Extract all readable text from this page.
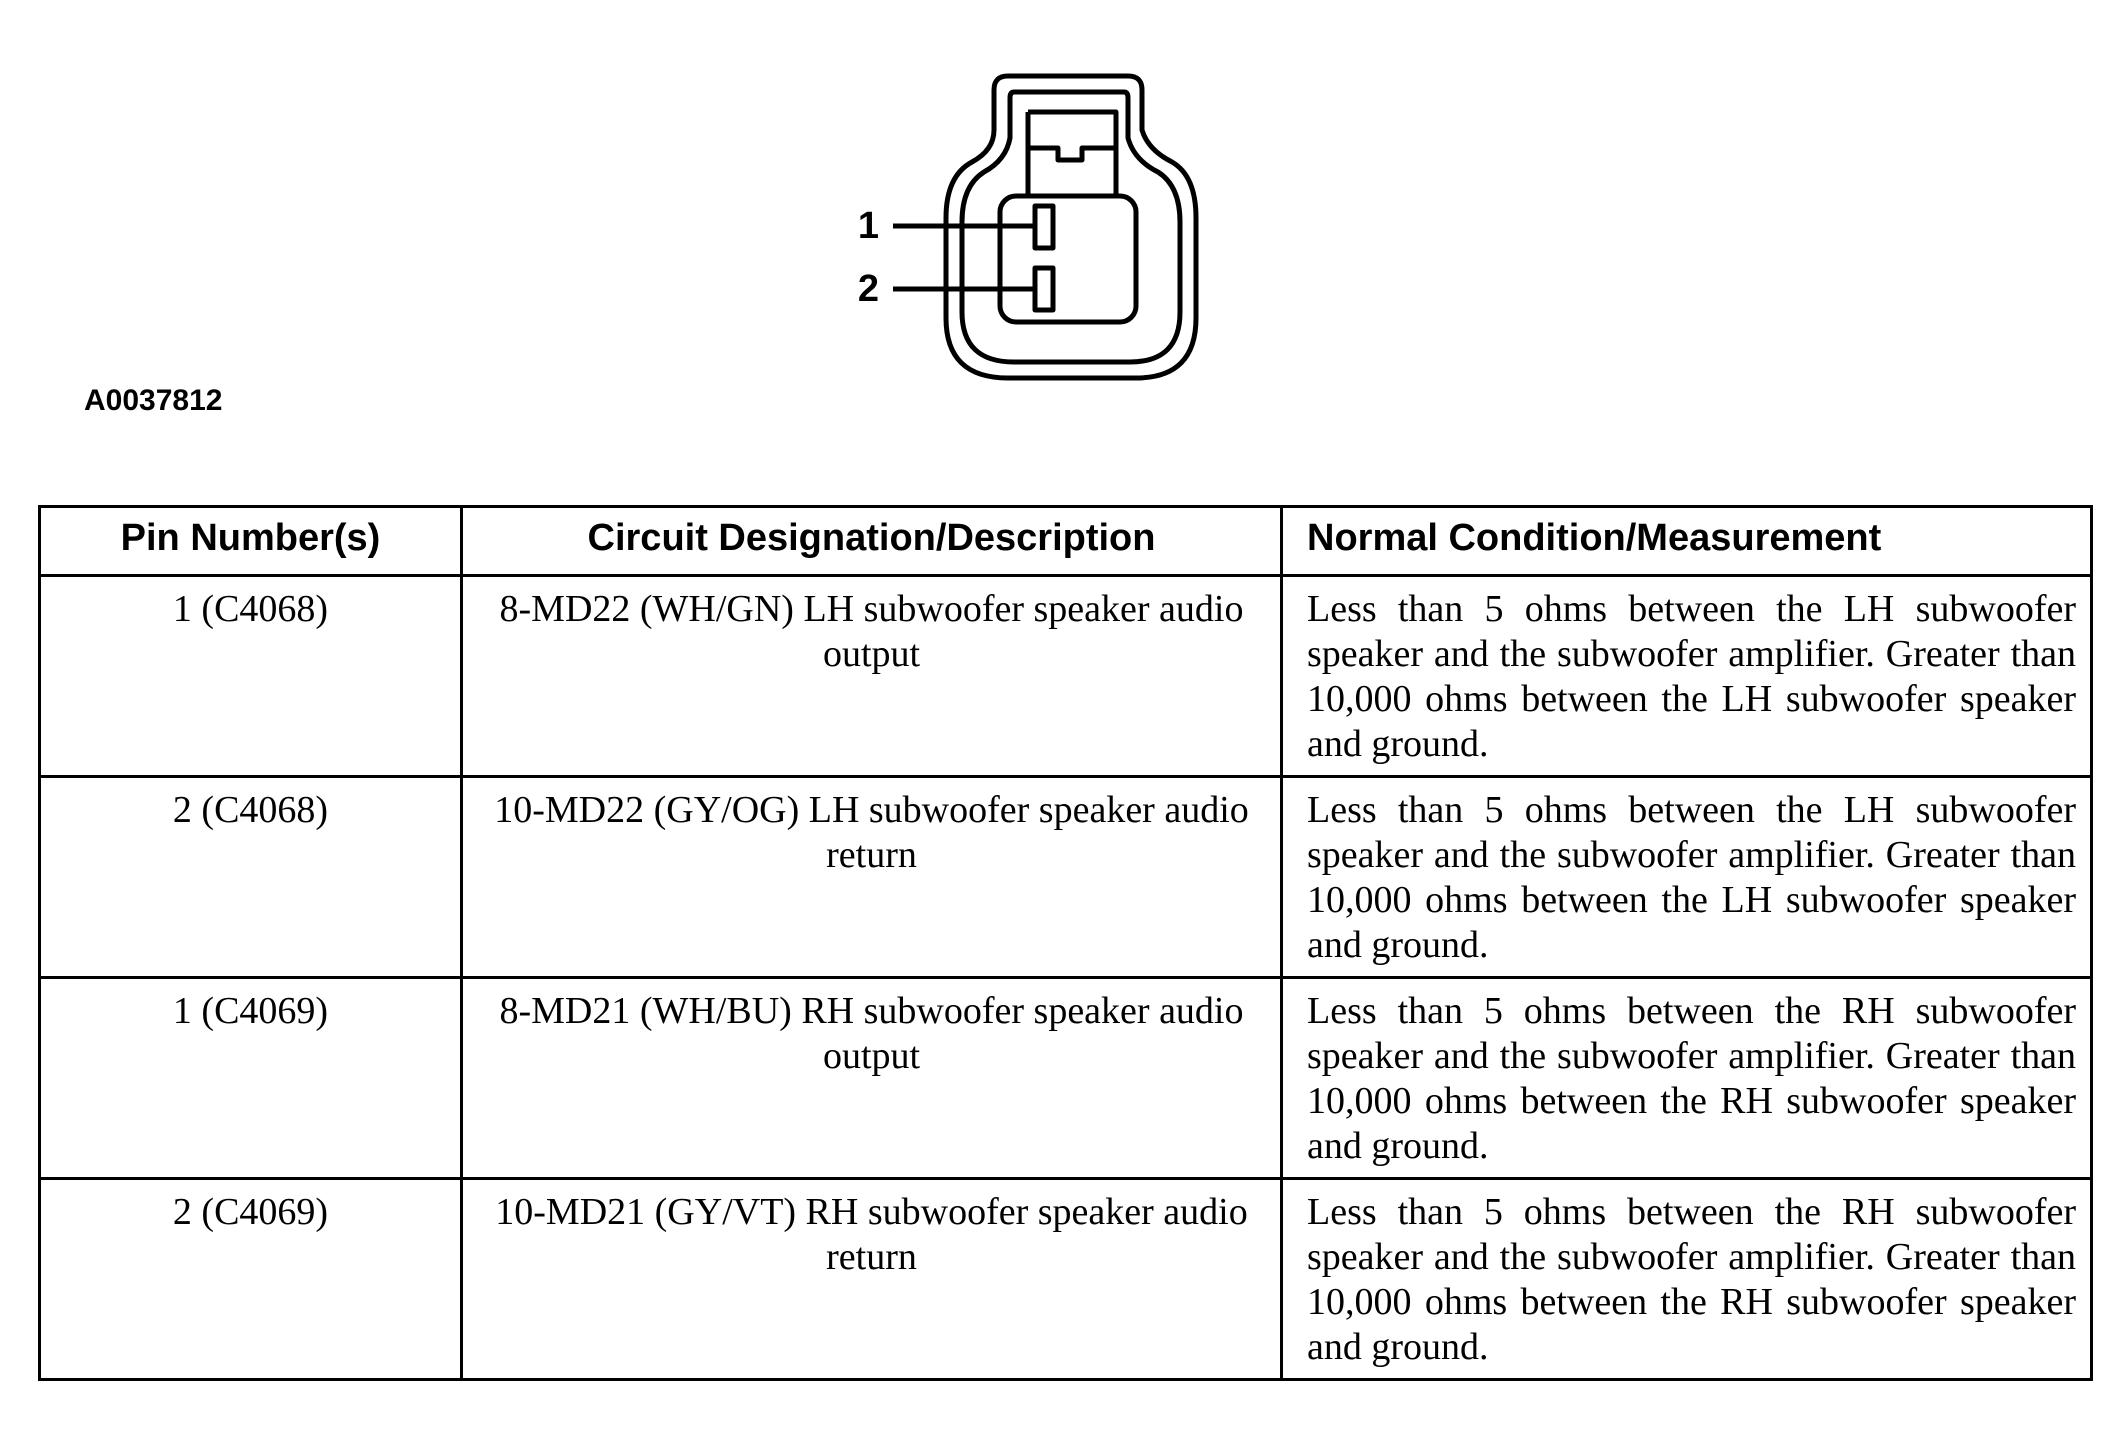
1
2
A0037812
Pin Number(s)	Circuit Designation/Description	Normal Condition/Measurement
1 (C4068)	8-MD22 (WH/GN) LH subwoofer speaker audio output	Less than 5 ohms between the LH subwoofer speaker and the subwoofer amplifier. Greater than 10,000 ohms between the LH subwoofer speaker and ground.
2 (C4068)	10-MD22 (GY/OG) LH subwoofer speaker audio return	Less than 5 ohms between the LH subwoofer speaker and the subwoofer amplifier. Greater than 10,000 ohms between the LH subwoofer speaker and ground.
1 (C4069)	8-MD21 (WH/BU) RH subwoofer speaker audio output	Less than 5 ohms between the RH subwoofer speaker and the subwoofer amplifier. Greater than 10,000 ohms between the RH subwoofer speaker and ground.
2 (C4069)	10-MD21 (GY/VT) RH subwoofer speaker audio return	Less than 5 ohms between the RH subwoofer speaker and the subwoofer amplifier. Greater than 10,000 ohms between the RH subwoofer speaker and ground.
